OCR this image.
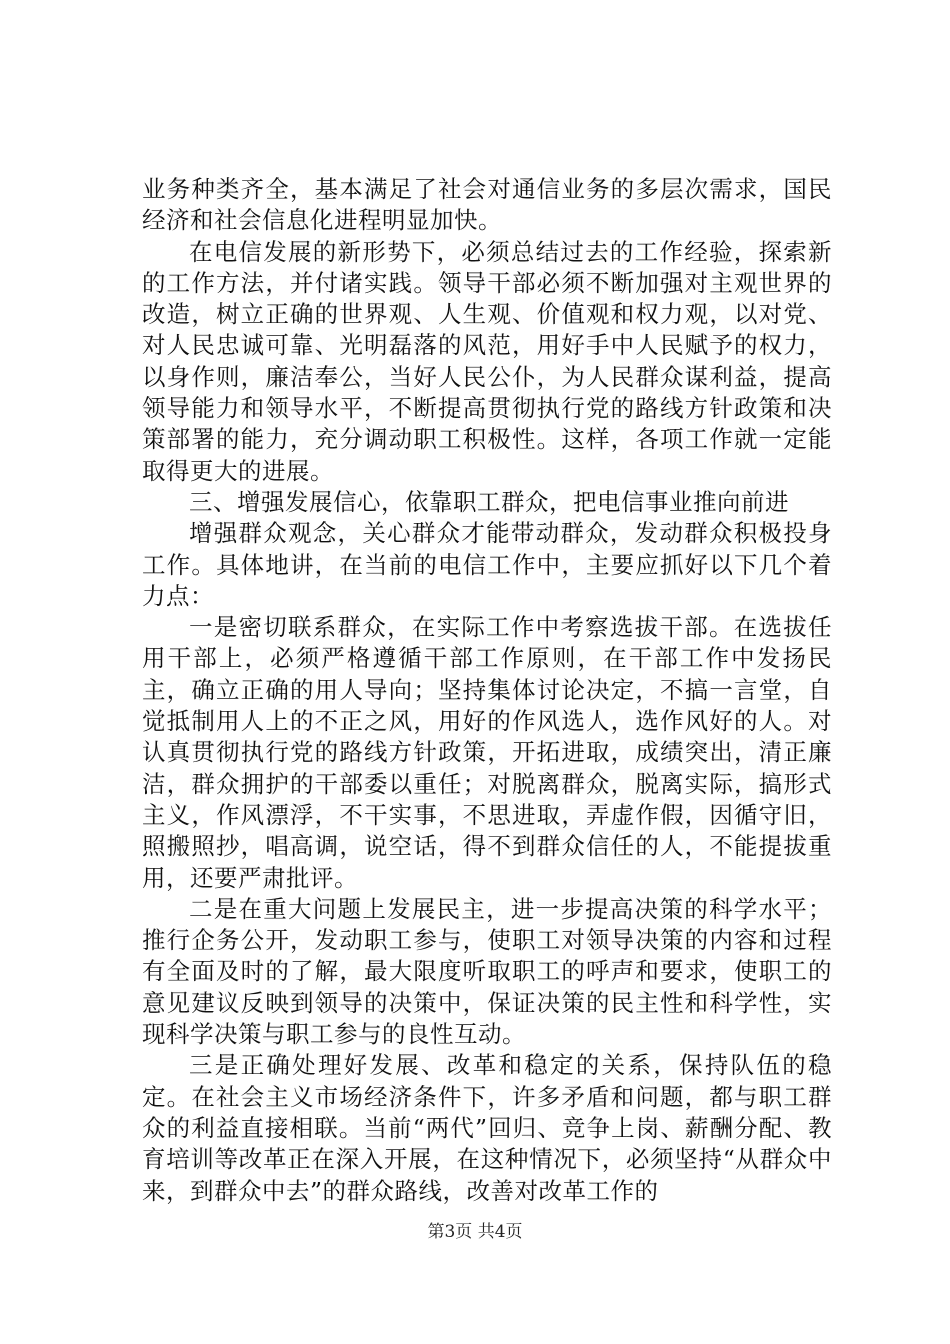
业务种类齐全，基本满足了社会对通信业务的多层次需求，国民经济和社会信息化进程明显加快。

在电信发展的新形势下，必须总结过去的工作经验，探索新的工作方法，并付诸实践。领导干部必须不断加强对主观世界的改造，树立正确的世界观、人生观、价值观和权力观，以对党、对人民忠诚可靠、光明磊落的风范，用好手中人民赋予的权力，以身作则，廉洁奉公，当好人民公仆，为人民群众谋利益，提高领导能力和领导水平，不断提高贯彻执行党的路线方针政策和决策部署的能力，充分调动职工积极性。这样，各项工作就一定能取得更大的进展。

三、增强发展信心，依靠职工群众，把电信事业推向前进

增强群众观念，关心群众才能带动群众，发动群众积极投身工作。具体地讲，在当前的电信工作中，主要应抓好以下几个着力点：

一是密切联系群众，在实际工作中考察选拔干部。在选拔任用干部上，必须严格遵循干部工作原则，在干部工作中发扬民主，确立正确的用人导向；坚持集体讨论决定，不搞一言堂，自觉抵制用人上的不正之风，用好的作风选人，选作风好的人。对认真贯彻执行党的路线方针政策，开拓进取，成绩突出，清正廉洁，群众拥护的干部委以重任；对脱离群众，脱离实际，搞形式主义，作风漂浮，不干实事，不思进取，弄虚作假，因循守旧，照搬照抄，唱高调，说空话，得不到群众信任的人，不能提拔重用，还要严肃批评。

二是在重大问题上发展民主，进一步提高决策的科学水平；推行企务公开，发动职工参与，使职工对领导决策的内容和过程有全面及时的了解，最大限度听取职工的呼声和要求，使职工的意见建议反映到领导的决策中，保证决策的民主性和科学性，实现科学决策与职工参与的良性互动。

三是正确处理好发展、改革和稳定的关系，保持队伍的稳定。在社会主义市场经济条件下，许多矛盾和问题，都与职工群众的利益直接相联。当前“两代”回归、竞争上岗、薪酬分配、教育培训等改革正在深入开展，在这种情况下，必须坚持“从群众中来，到群众中去”的群众路线，改善对改革工作的

第3页 共4页
